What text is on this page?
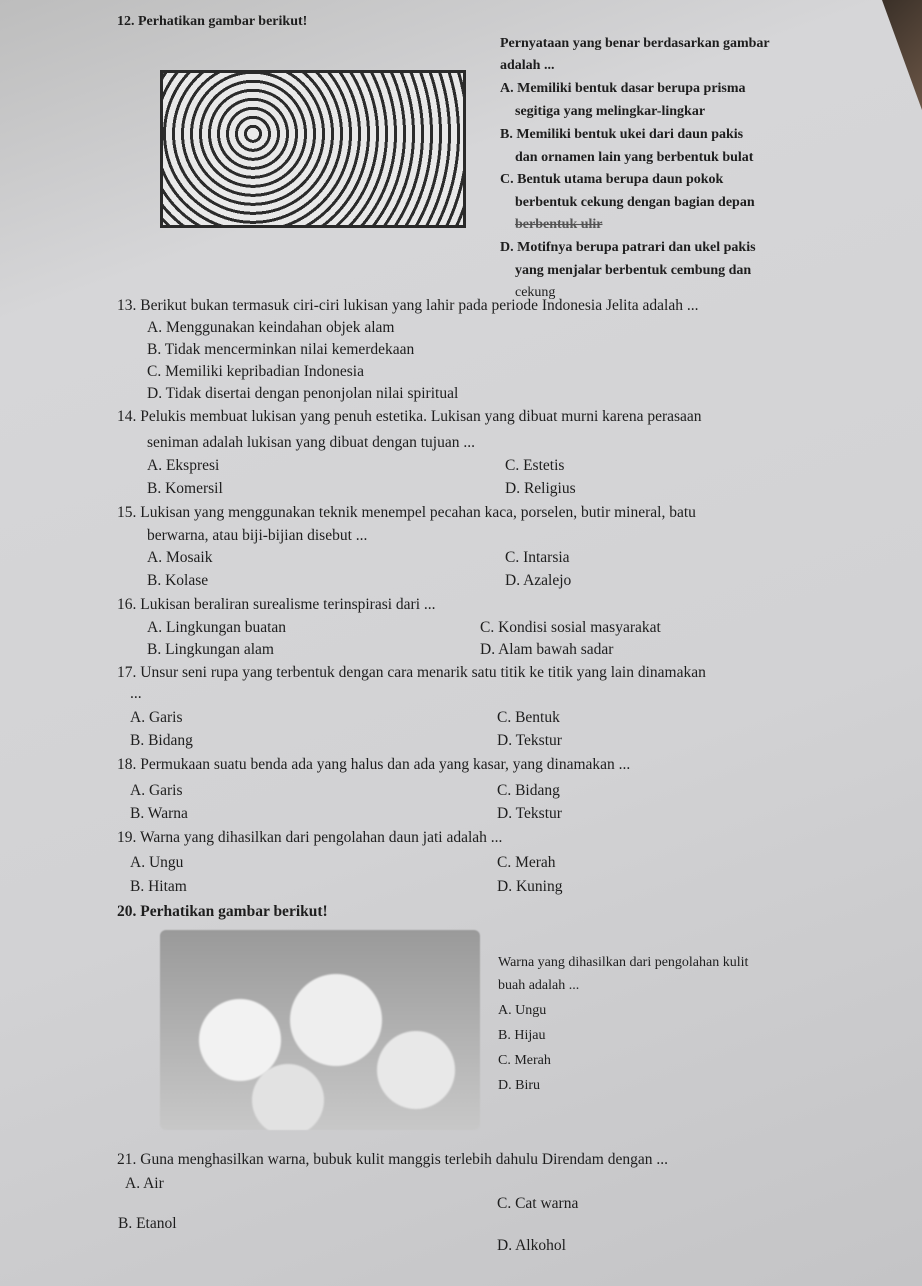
12. Perhatikan gambar berikut!
Pernyataan yang benar berdasarkan gambar
adalah ...
A. Memiliki bentuk dasar berupa prisma
segitiga yang melingkar-lingkar
B. Memiliki bentuk ukei dari daun pakis
dan ornamen lain yang berbentuk bulat
C. Bentuk utama berupa daun pokok
berbentuk cekung dengan bagian depan
berbentuk ulir
D. Motifnya berupa patrari dan ukel pakis
yang menjalar berbentuk cembung dan
cekung
13. Berikut bukan termasuk ciri-ciri lukisan yang lahir pada periode Indonesia Jelita adalah ...
A. Menggunakan keindahan objek alam
B. Tidak mencerminkan nilai kemerdekaan
C. Memiliki kepribadian Indonesia
D. Tidak disertai dengan penonjolan nilai spiritual
14. Pelukis membuat lukisan yang penuh estetika. Lukisan yang dibuat murni karena perasaan
seniman adalah lukisan yang dibuat dengan tujuan ...
A. Ekspresi	C. Estetis
B. Komersil	D. Religius
15. Lukisan yang menggunakan teknik menempel pecahan kaca, porselen, butir mineral, batu
berwarna, atau biji-bijian disebut ...
A. Mosaik	C. Intarsia
B. Kolase	D. Azalejo
16. Lukisan beraliran surealisme terinspirasi dari ...
A. Lingkungan buatan	C. Kondisi sosial masyarakat
B. Lingkungan alam	D. Alam bawah sadar
17. Unsur seni rupa yang terbentuk dengan cara menarik satu titik ke titik yang lain dinamakan
...
A. Garis	C. Bentuk
B. Bidang	D. Tekstur
18. Permukaan suatu benda ada yang halus dan ada yang kasar, yang dinamakan ...
A. Garis	C. Bidang
B. Warna	D. Tekstur
19. Warna yang dihasilkan dari pengolahan daun jati adalah ...
A. Ungu	C. Merah
B. Hitam	D. Kuning
20. Perhatikan gambar berikut!
Warna yang dihasilkan dari pengolahan kulit
buah adalah ...
A. Ungu
B. Hijau
C. Merah
D. Biru
21. Guna menghasilkan warna, bubuk kulit manggis terlebih dahulu Direndam dengan ...
A. Air
C. Cat warna
B. Etanol
D. Alkohol
